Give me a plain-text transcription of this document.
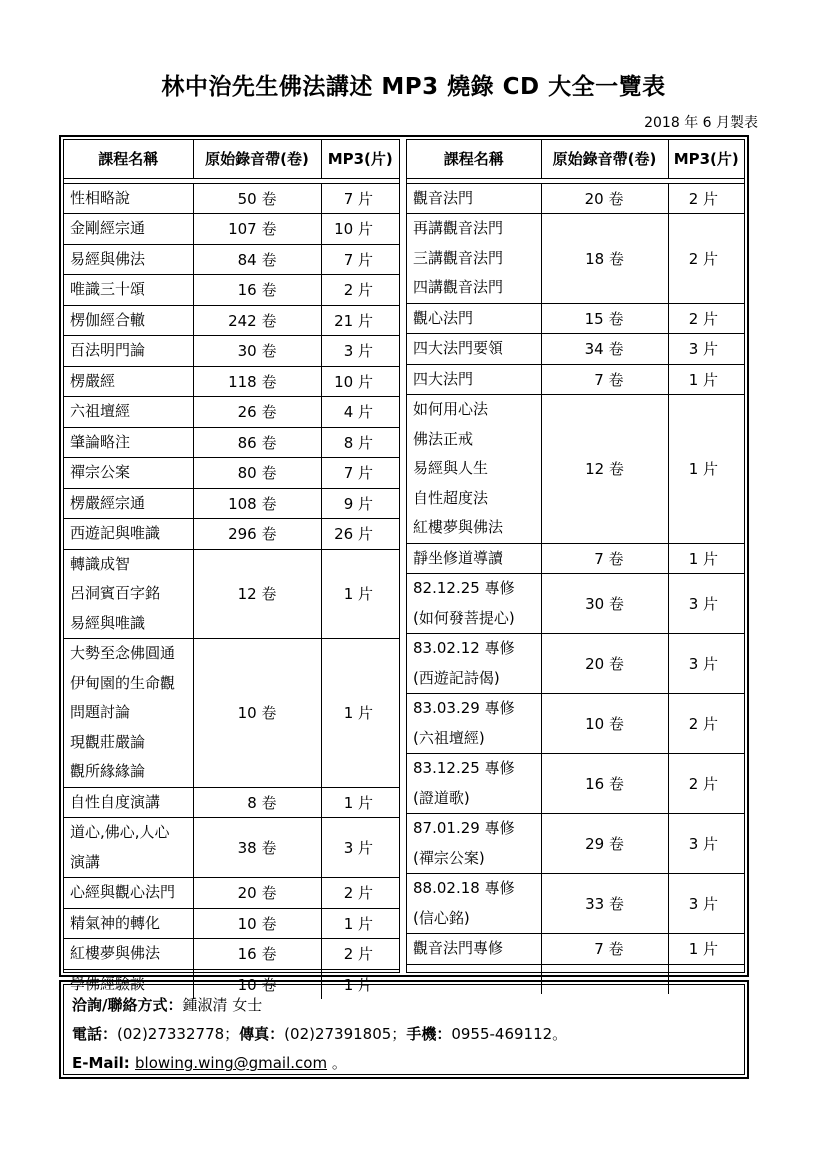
林中治先生佛法講述 MP3 燒錄 CD 大全一覽表
2018 年 6 月製表
課程名稱	原始錄音帶(卷)	MP3(片)

性相略說	50 卷	7 片

金剛經宗通	107 卷	10 片

易經與佛法	84 卷	7 片

唯識三十頌	16 卷	2 片

楞伽經合轍	242 卷	21 片

百法明門論	30 卷	3 片

楞嚴經	118 卷	10 片

六祖壇經	26 卷	4 片

肇論略注	86 卷	8 片

禪宗公案	80 卷	7 片

楞嚴經宗通	108 卷	9 片

西遊記與唯識	296 卷	26 片

轉識成智
呂洞賓百字銘
易經與唯識	12 卷	1 片

大勢至念佛圓通
伊甸園的生命觀
問題討論
現觀莊嚴論
觀所緣緣論	10 卷	1 片

自性自度演講	8 卷	1 片

道心,佛心,人心
演講	38 卷	3 片

心經與觀心法門	20 卷	2 片

精氣神的轉化	10 卷	1 片

紅樓夢與佛法	16 卷	2 片

學佛經驗談	10 卷	1 片
課程名稱	原始錄音帶(卷)	MP3(片)

觀音法門	20 卷	2 片

再講觀音法門
三講觀音法門
四講觀音法門	18 卷	2 片

觀心法門	15 卷	2 片

四大法門要領	34 卷	3 片

四大法門	7 卷	1 片

如何用心法
佛法正戒
易經與人生
自性超度法
紅樓夢與佛法	12 卷	1 片

靜坐修道導讀	7 卷	1 片

82.12.25 專修
(如何發菩提心)	30 卷	3 片

83.02.12 專修
(西遊記詩偈)	20 卷	3 片

83.03.29 專修
(六祖壇經)	10 卷	2 片

83.12.25 專修
(證道歌)	16 卷	2 片

87.01.29 專修
(禪宗公案)	29 卷	3 片

88.02.18 專修
(信心銘)	33 卷	3 片

觀音法門專修	7 卷	1 片

洽詢/聯絡方式：鍾淑清 女士
電話：(02)27332778；傳真：(02)27391805；手機：0955-469112。
E-Mail: blowing.wing@gmail.com 。
